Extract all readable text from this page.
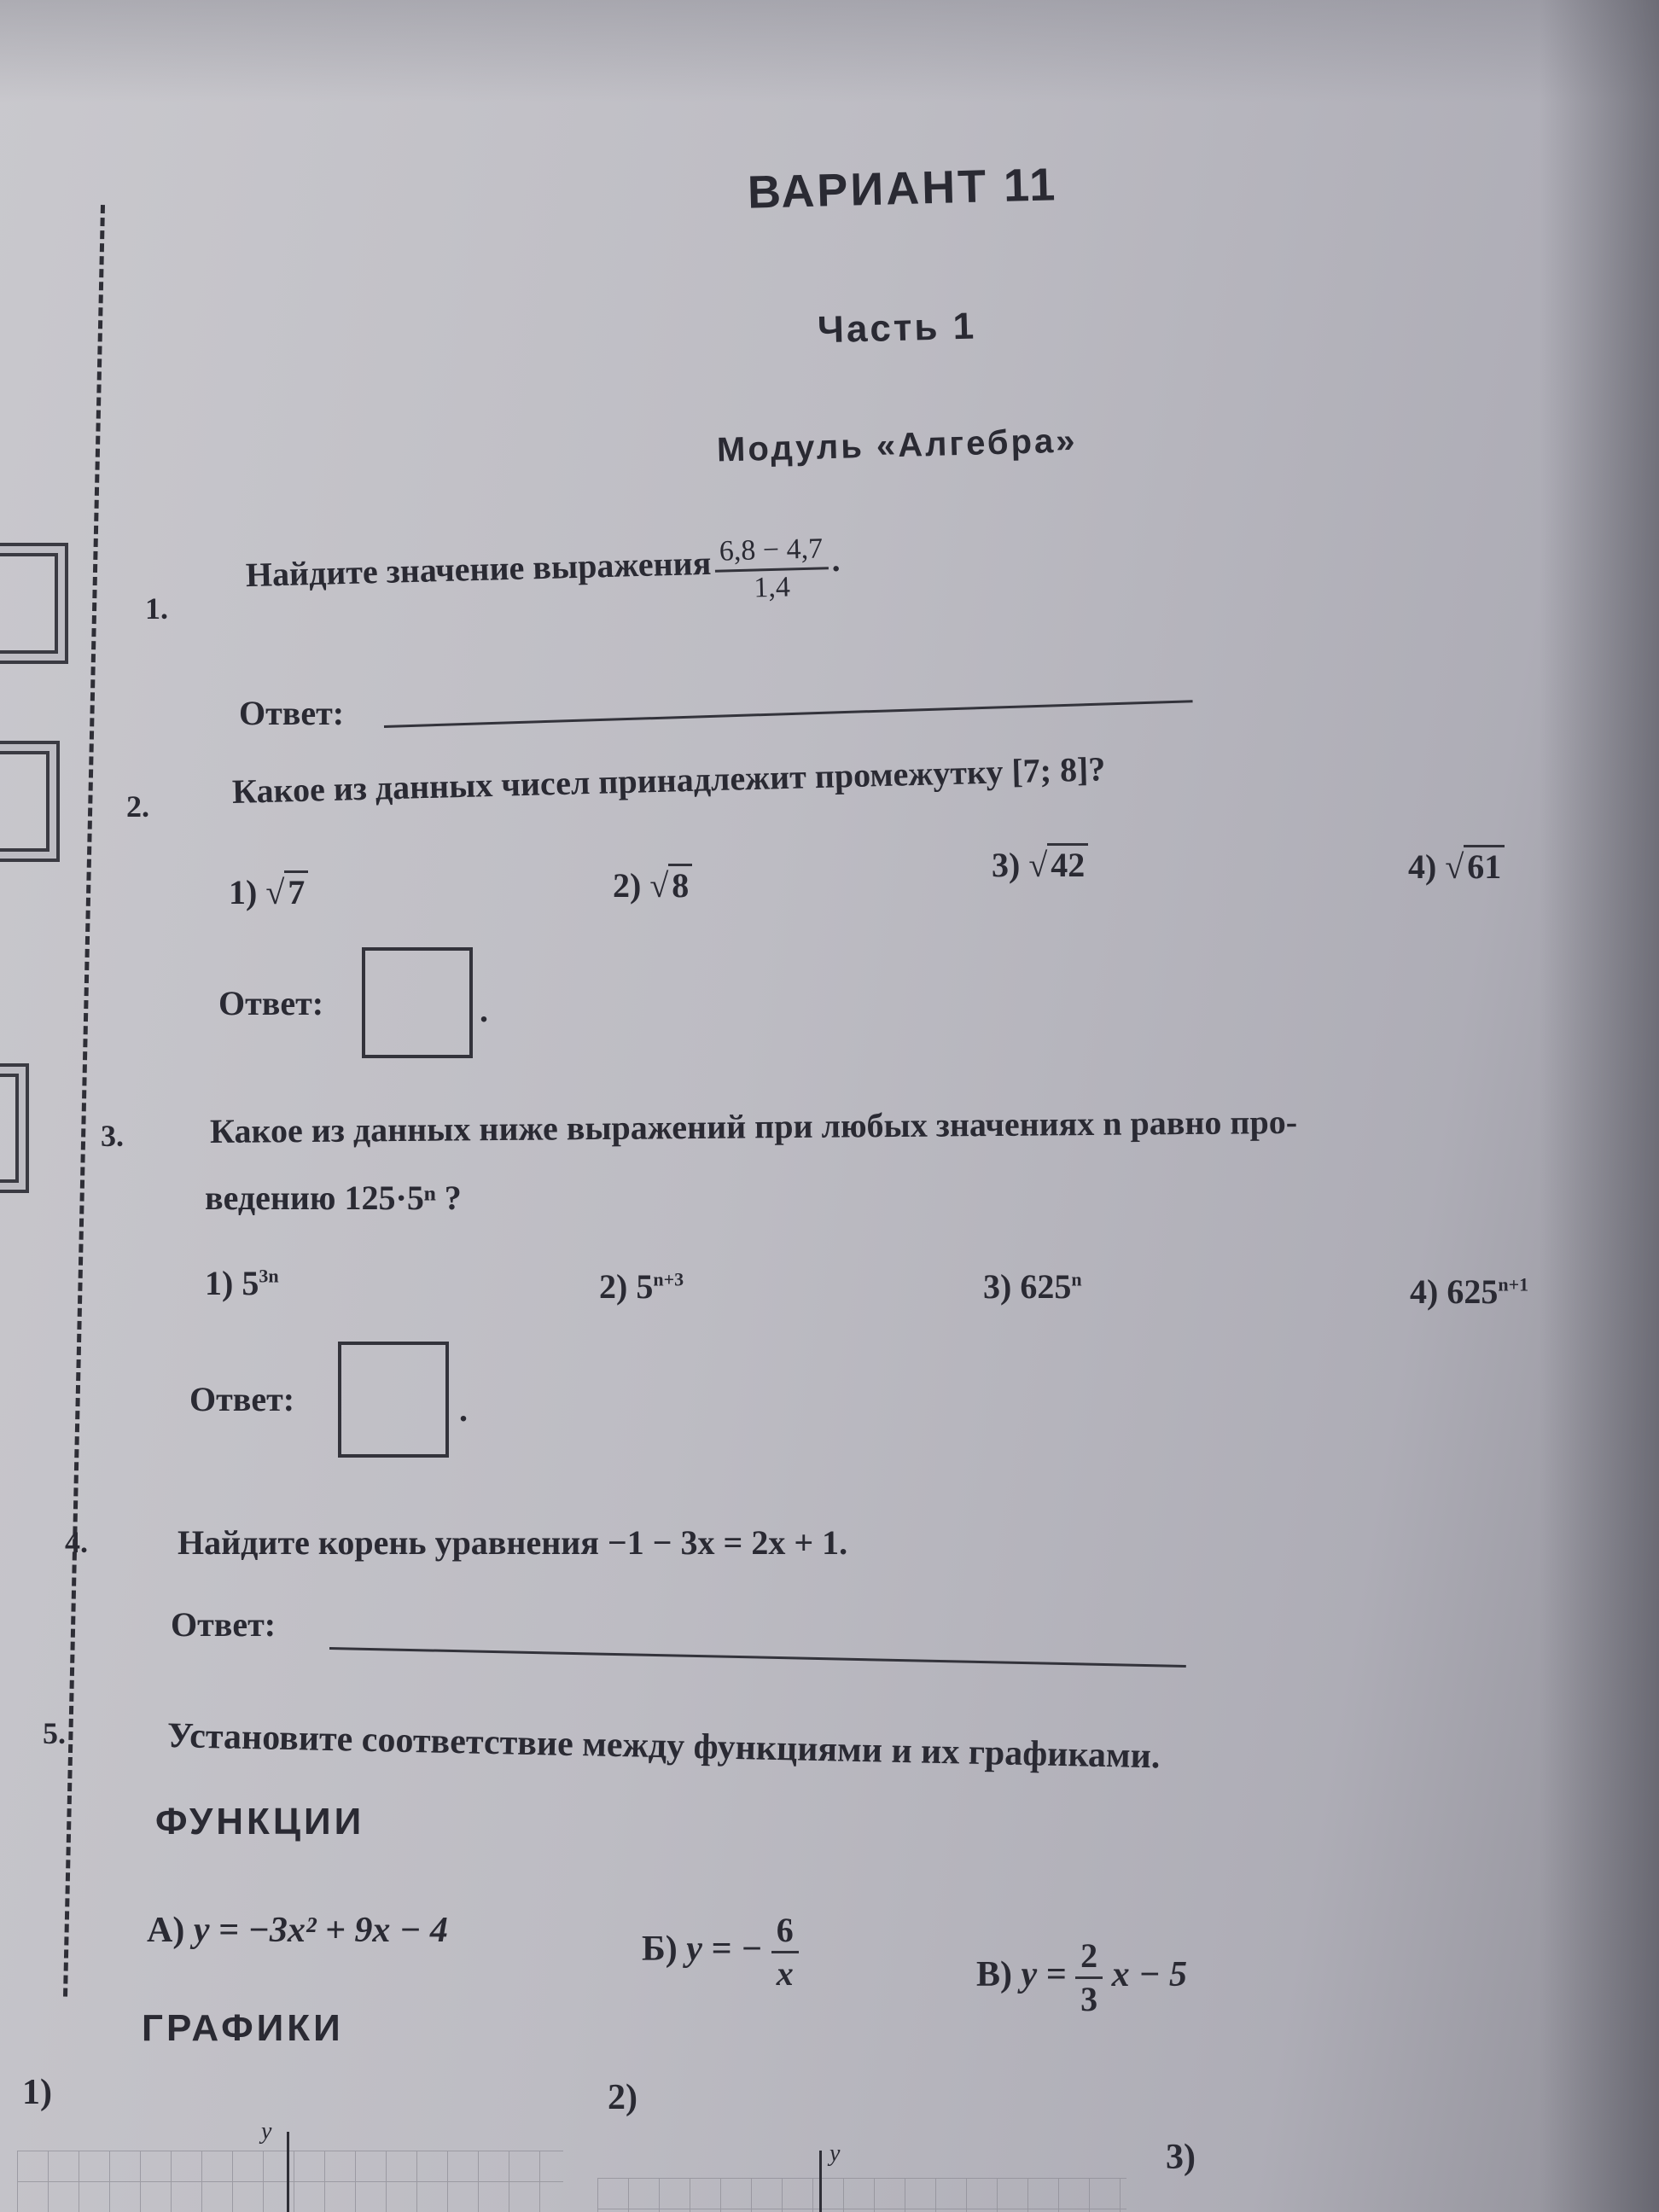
ВАРИАНТ 11
Часть 1
Модуль «Алгебра»
1.
Найдите значение выражения $\frac{6,8 - 4,7}{1,4}$ .
Ответ:
2. Какое из данных чисел принадлежит промежутку [7; 8]?
1) √ 7	2) √ 8
3) √ 42	4) √ 61
Ответ:	.
3.	Какое из данных ниже выражений при любых значениях n равно про-
ведению 125·5ⁿ ?
1) $5^{3n}$	2) $5^{n+3}$	3) 625$^n$	4) $625^{n+1}$
Ответ:	.
4.	Найдите корень уравнения −1 − 3x = 2x + 1.
Ответ:
5.	Установите соответствие между функциями и их графиками.
ФУНКЦИИ
А) y = −3x² + 9x − 4	Б) y = − $\frac{6}{x}$	В) $y = \frac{2}{3}$ x − 5
ГРАФИКИ
1)	2)
3)
y
y
